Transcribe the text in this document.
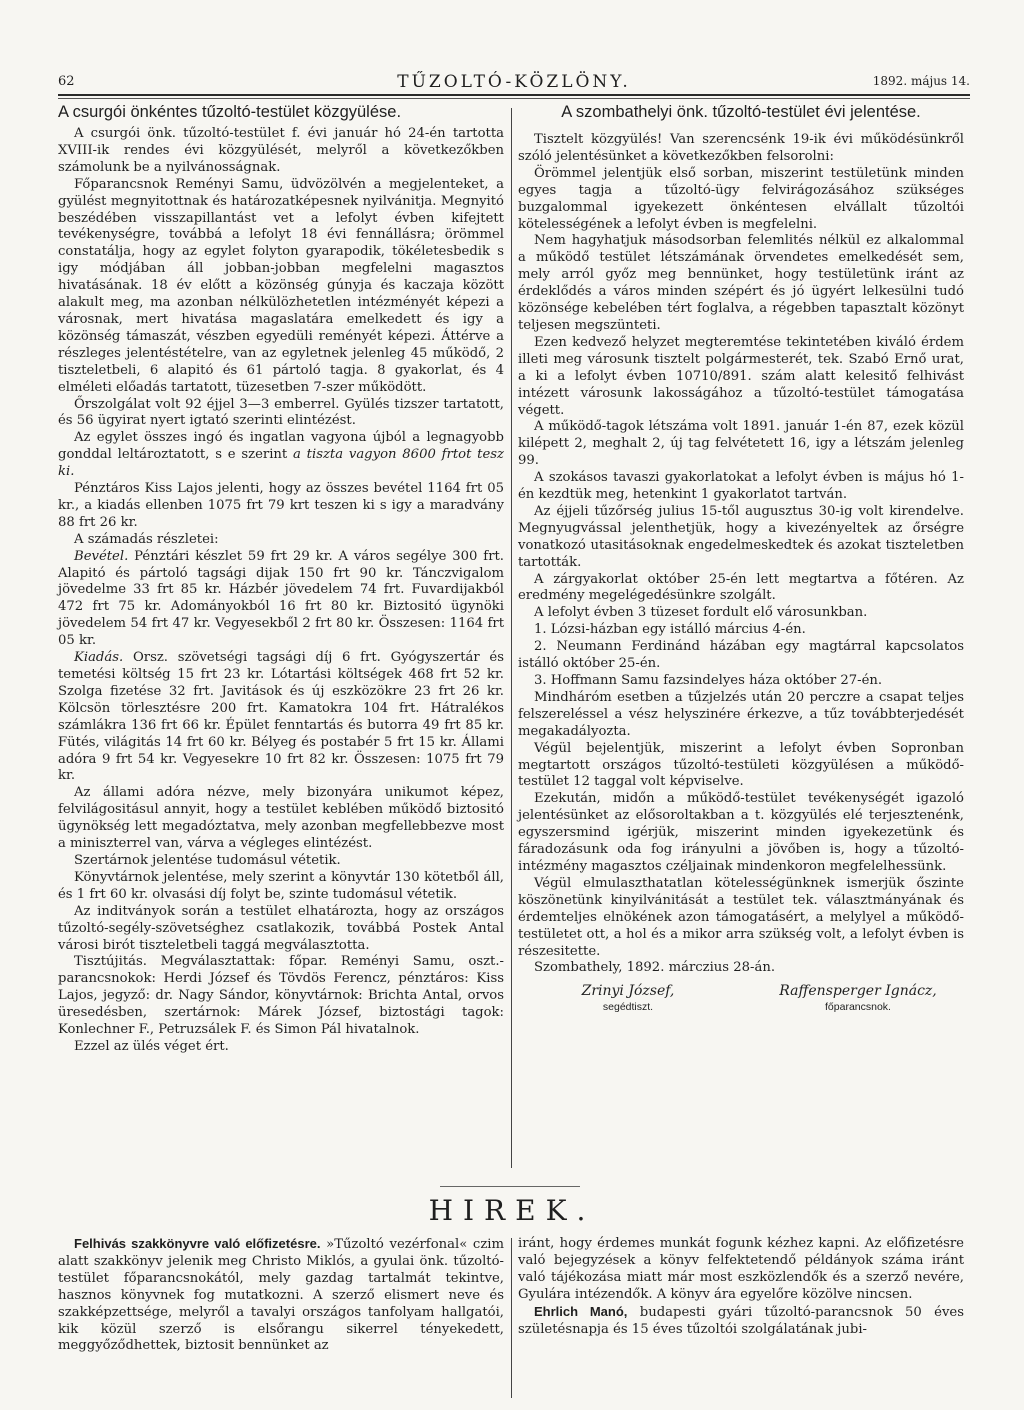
62	TŰZOLTÓ-KÖZLÖNY.	1892. május 14.
A csurgói önkéntes tűzoltó-testület közgyülése.

A csurgói önk. tűzoltó-testület f. évi január hó 24-én tartotta XVIII-ik rendes évi közgyülését, melyről a következőkben számolunk be a nyilvánosságnak.

Főparancsnok Reményi Samu, üdvözölvén a megjelenteket, a gyülést megnyitottnak és határozatképesnek nyilvánitja. Megnyitó beszédében visszapillantást vet a lefolyt évben kifejtett tevékenységre, továbbá a lefolyt 18 évi fennállásra; örömmel constatálja, hogy az egylet folyton gyarapodik, tökéletesbedik s igy módjában áll jobban-jobban megfelelni magasztos hivatásának. 18 év előtt a közönség gúnyja és kaczaja között alakult meg, ma azonban nélkülözhetetlen intézményét képezi a városnak, mert hivatása magaslatára emelkedett és igy a közönség támaszát, vészben egyedüli reményét képezi. Áttérve a részleges jelentéstételre, van az egyletnek jelenleg 45 működő, 2 tiszteletbeli, 6 alapitó és 61 pártoló tagja. 8 gyakorlat, és 4 elméleti előadás tartatott, tüzesetben 7-szer működött.

Őrszolgálat volt 92 éjjel 3—3 emberrel. Gyülés tizszer tartatott, és 56 ügyirat nyert igtató szerinti elintézést.

Az egylet összes ingó és ingatlan vagyona újból a legnagyobb gonddal leltároztatott, s e szerint a tiszta vagyon 8600 frtot tesz ki.

Pénztáros Kiss Lajos jelenti, hogy az összes bevétel 1164 frt 05 kr., a kiadás ellenben 1075 frt 79 krt teszen ki s igy a maradvány 88 frt 26 kr.

A számadás részletei:

Bevétel. Pénztári készlet 59 frt 29 kr. A város segélye 300 frt. Alapitó és pártoló tagsági dijak 150 frt 90 kr. Tánczvigalom jövedelme 33 frt 85 kr. Házbér jövedelem 74 frt. Fuvardijakból 472 frt 75 kr. Adományokból 16 frt 80 kr. Biztositó ügynöki jövedelem 54 frt 47 kr. Vegyesekből 2 frt 80 kr. Összesen: 1164 frt 05 kr.

Kiadás. Orsz. szövetségi tagsági díj 6 frt. Gyógyszertár és temetési költség 15 frt 23 kr. Lótartási költségek 468 frt 52 kr. Szolga fizetése 32 frt. Javitások és új eszközökre 23 frt 26 kr. Kölcsön törlesztésre 200 frt. Kamatokra 104 frt. Hátralékos számlákra 136 frt 66 kr. Épület fenntartás és butorra 49 frt 85 kr. Fütés, világitás 14 frt 60 kr. Bélyeg és postabér 5 frt 15 kr. Állami adóra 9 frt 54 kr. Vegyesekre 10 frt 82 kr. Összesen: 1075 frt 79 kr.

Az állami adóra nézve, mely bizonyára unikumot képez, felvilágositásul annyit, hogy a testület keblében működő biztositó ügynökség lett megadóztatva, mely azonban megfellebbezve most a miniszterrel van, várva a végleges elintézést.

Szertárnok jelentése tudomásul vétetik.

Könyvtárnok jelentése, mely szerint a könyvtár 130 kötetből áll, és 1 frt 60 kr. olvasási díj folyt be, szinte tudomásul vétetik.

Az inditványok során a testület elhatározta, hogy az országos tűzoltó-segély-szövetséghez csatlakozik, továbbá Postek Antal városi birót tiszteletbeli taggá megválasztotta.

Tisztújitás. Megválasztattak: főpar. Reményi Samu, oszt.-parancsnokok: Herdi József és Tövdös Ferencz, pénztáros: Kiss Lajos, jegyző: dr. Nagy Sándor, könyvtárnok: Brichta Antal, orvos üresedésben, szertárnok: Márek József, biztostági tagok: Konlechner F., Petruzsálek F. és Simon Pál hivatalnok.

Ezzel az ülés véget ért.

A szombathelyi önk. tűzoltó-testület évi jelentése.

Tisztelt közgyülés! Van szerencsénk 19-ik évi működésünkről szóló jelentésünket a következőkben felsorolni:

Örömmel jelentjük első sorban, miszerint testületünk minden egyes tagja a tűzoltó-ügy felvirágozásához szükséges buzgalommal igyekezett önkéntesen elvállalt tűzoltói kötelességének a lefolyt évben is megfelelni.

Nem hagyhatjuk másodsorban felemlités nélkül ez alkalommal a működő testület létszámának örvendetes emelkedését sem, mely arról győz meg bennünket, hogy testületünk iránt az érdeklődés a város minden szépért és jó ügyért lelkesülni tudó közönsége kebelében tért foglalva, a régebben tapasztalt közönyt teljesen megszünteti.

Ezen kedvező helyzet megteremtése tekintetében kiváló érdem illeti meg városunk tisztelt polgármesterét, tek. Szabó Ernő urat, a ki a lefolyt évben 10710/891. szám alatt kelesitő felhivást intézett városunk lakosságához a tűzoltó-testület támogatása végett.

A működő-tagok létszáma volt 1891. január 1-én 87, ezek közül kilépett 2, meghalt 2, új tag felvétetett 16, igy a létszám jelenleg 99.

A szokásos tavaszi gyakorlatokat a lefolyt évben is május hó 1-én kezdtük meg, hetenkint 1 gyakorlatot tartván.

Az éjjeli tűzőrség julius 15-től augusztus 30-ig volt kirendelve. Megnyugvással jelenthetjük, hogy a kivezényeltek az őrségre vonatkozó utasitásoknak engedelmeskedtek és azokat tiszteletben tartották.

A zárgyakorlat október 25-én lett megtartva a főtéren. Az eredmény megelégedésünkre szolgált.

A lefolyt évben 3 tüzeset fordult elő városunkban.

1. Lózsi-házban egy istálló március 4-én.

2. Neumann Ferdinánd házában egy magtárral kapcsolatos istálló október 25-én.

3. Hoffmann Samu fazsindelyes háza október 27-én.

Mindháróm esetben a tűzjelzés után 20 perczre a csapat teljes felszereléssel a vész helyszinére érkezve, a tűz továbbterjedését megakadályozta.

Végül bejelentjük, miszerint a lefolyt évben Sopronban megtartott országos tűzoltó-testületi közgyülésen a működő-testület 12 taggal volt képviselve.

Ezekután, midőn a működő-testület tevékenységét igazoló jelentésünket az elősoroltakban a t. közgyülés elé terjesztenénk, egyszersmind igérjük, miszerint minden igyekezetünk és fáradozásunk oda fog irányulni a jövőben is, hogy a tűzoltó-intézmény magasztos czéljainak mindenkoron megfelelhessünk.

Végül elmulaszthatatlan kötelességünknek ismerjük őszinte köszönetünk kinyilvánitását a testület tek. választmányának és érdemteljes elnökének azon támogatásért, a melylyel a működő-testületet ott, a hol és a mikor arra szükség volt, a lefolyt évben is részesitette.

Szombathely, 1892. márczius 28-án.

Zrinyi József,
segédtiszt.
Raffensperger Ignácz,
főparancsnok.
HIREK.

Felhivás szakkönyvre való előfizetésre. »Tűzoltó vezérfonal« czim alatt szakkönyv jelenik meg Christo Miklós, a gyulai önk. tűzoltó-testület főparancsnokától, mely gazdag tartalmát tekintve, hasznos könyvnek fog mutatkozni. A szerző elismert neve és szakképzettsége, melyről a tavalyi országos tanfolyam hallgatói, kik közül szerző is elsőrangu sikerrel tényekedett, meggyőződhettek, biztosit bennünket az

iránt, hogy érdemes munkát fogunk kézhez kapni. Az előfizetésre való bejegyzések a könyv felfektetendő példányok száma iránt való tájékozása miatt már most eszközlendők és a szerző nevére, Gyulára intézendők. A könyv ára egyelőre közölve nincsen.

Ehrlich Manó, budapesti gyári tűzoltó-parancsnok 50 éves születésnapja és 15 éves tűzoltói szolgálatának jubi-
